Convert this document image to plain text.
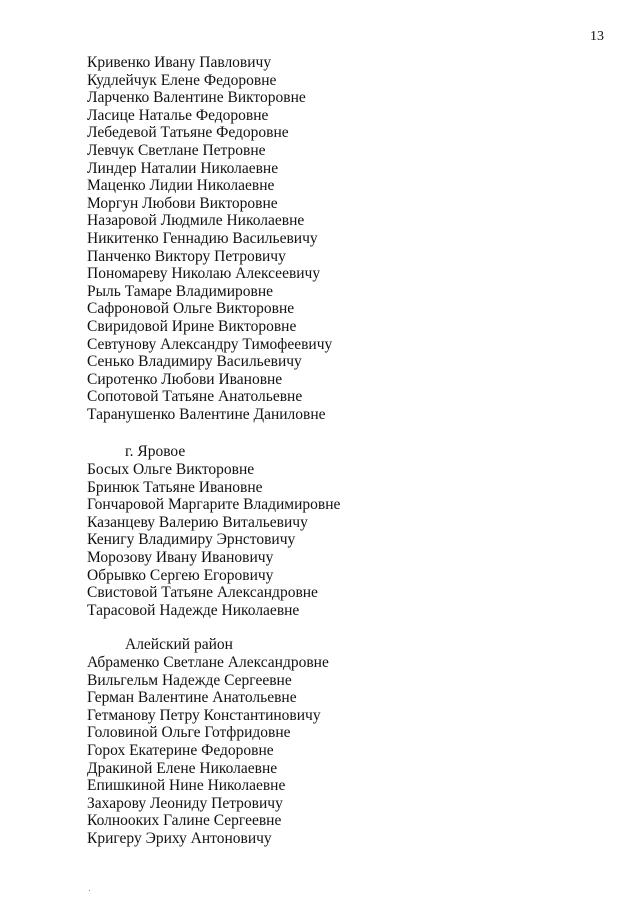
13
Кривенко Ивану Павловичу
Кудлейчук Елене Федоровне
Ларченко Валентине Викторовне
Ласице Наталье Федоровне
Лебедевой Татьяне Федоровне
Левчук Светлане Петровне
Линдер Наталии Николаевне
Маценко Лидии Николаевне
Моргун Любови Викторовне
Назаровой Людмиле Николаевне
Никитенко Геннадию Васильевичу
Панченко Виктору Петровичу
Пономареву Николаю Алексеевичу
Рыль Тамаре Владимировне
Сафроновой Ольге Викторовне
Свиридовой Ирине Викторовне
Севтунову Александру Тимофеевичу
Сенько Владимиру Васильевичу
Сиротенко Любови Ивановне
Сопотовой Татьяне Анатольевне
Таранушенко Валентине Даниловне
г. Яровое
Босых Ольге Викторовне
Бринюк Татьяне Ивановне
Гончаровой Маргарите Владимировне
Казанцеву Валерию Витальевичу
Кенигу Владимиру Эрнстовичу
Морозову Ивану Ивановичу
Обрывко Сергею Егоровичу
Свистовой Татьяне Александровне
Тарасовой Надежде Николаевне
Алейский район
Абраменко Светлане Александровне
Вильгельм Надежде Сергеевне
Герман Валентине Анатольевне
Гетманову Петру Константиновичу
Головиной Ольге Готфридовне
Горох Екатерине Федоровне
Дракиной Елене Николаевне
Епишкиной Нине Николаевне
Захарову Леониду Петровичу
Колнооких Галине Сергеевне
Кригеру Эриху Антоновичу
